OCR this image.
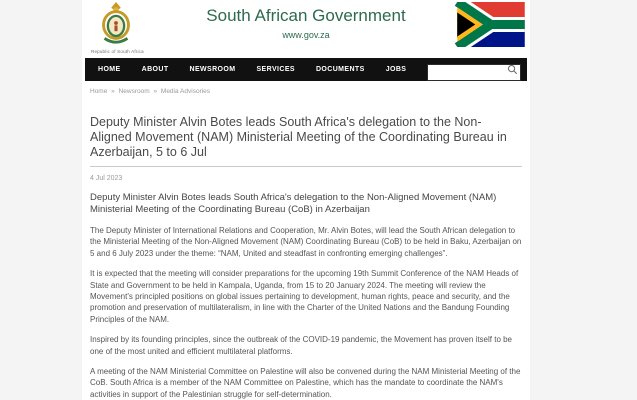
Republic of South Africa
South African Government
www.gov.za
HOME	ABOUT	NEWSROOM	SERVICES	DOCUMENTS	JOBS
Home » Newsroom » Media Advisories
Deputy Minister Alvin Botes leads South Africa's delegation to the Non-Aligned Movement (NAM) Ministerial Meeting of the Coordinating Bureau in Azerbaijan, 5 to 6 Jul
4 Jul 2023
Deputy Minister Alvin Botes leads South Africa's delegation to the Non-Aligned Movement (NAM) Ministerial Meeting of the Coordinating Bureau (CoB) in Azerbaijan

The Deputy Minister of International Relations and Cooperation, Mr. Alvin Botes, will lead the South African delegation to the Ministerial Meeting of the Non-Aligned Movement (NAM) Coordinating Bureau (CoB) to be held in Baku, Azerbaijan on 5 and 6 July 2023 under the theme: “NAM, United and steadfast in confronting emerging challenges”.

It is expected that the meeting will consider preparations for the upcoming 19th Summit Conference of the NAM Heads of State and Government to be held in Kampala, Uganda, from 15 to 20 January 2024. The meeting will review the Movement's principled positions on global issues pertaining to development, human rights, peace and security, and the promotion and preservation of multilateralism, in line with the Charter of the United Nations and the Bandung Founding Principles of the NAM.

Inspired by its founding principles, since the outbreak of the COVID-19 pandemic, the Movement has proven itself to be one of the most united and efficient multilateral platforms.

A meeting of the NAM Ministerial Committee on Palestine will also be convened during the NAM Ministerial Meeting of the CoB. South Africa is a member of the NAM Committee on Palestine, which has the mandate to coordinate the NAM's activities in support of the Palestinian struggle for self-determination.
